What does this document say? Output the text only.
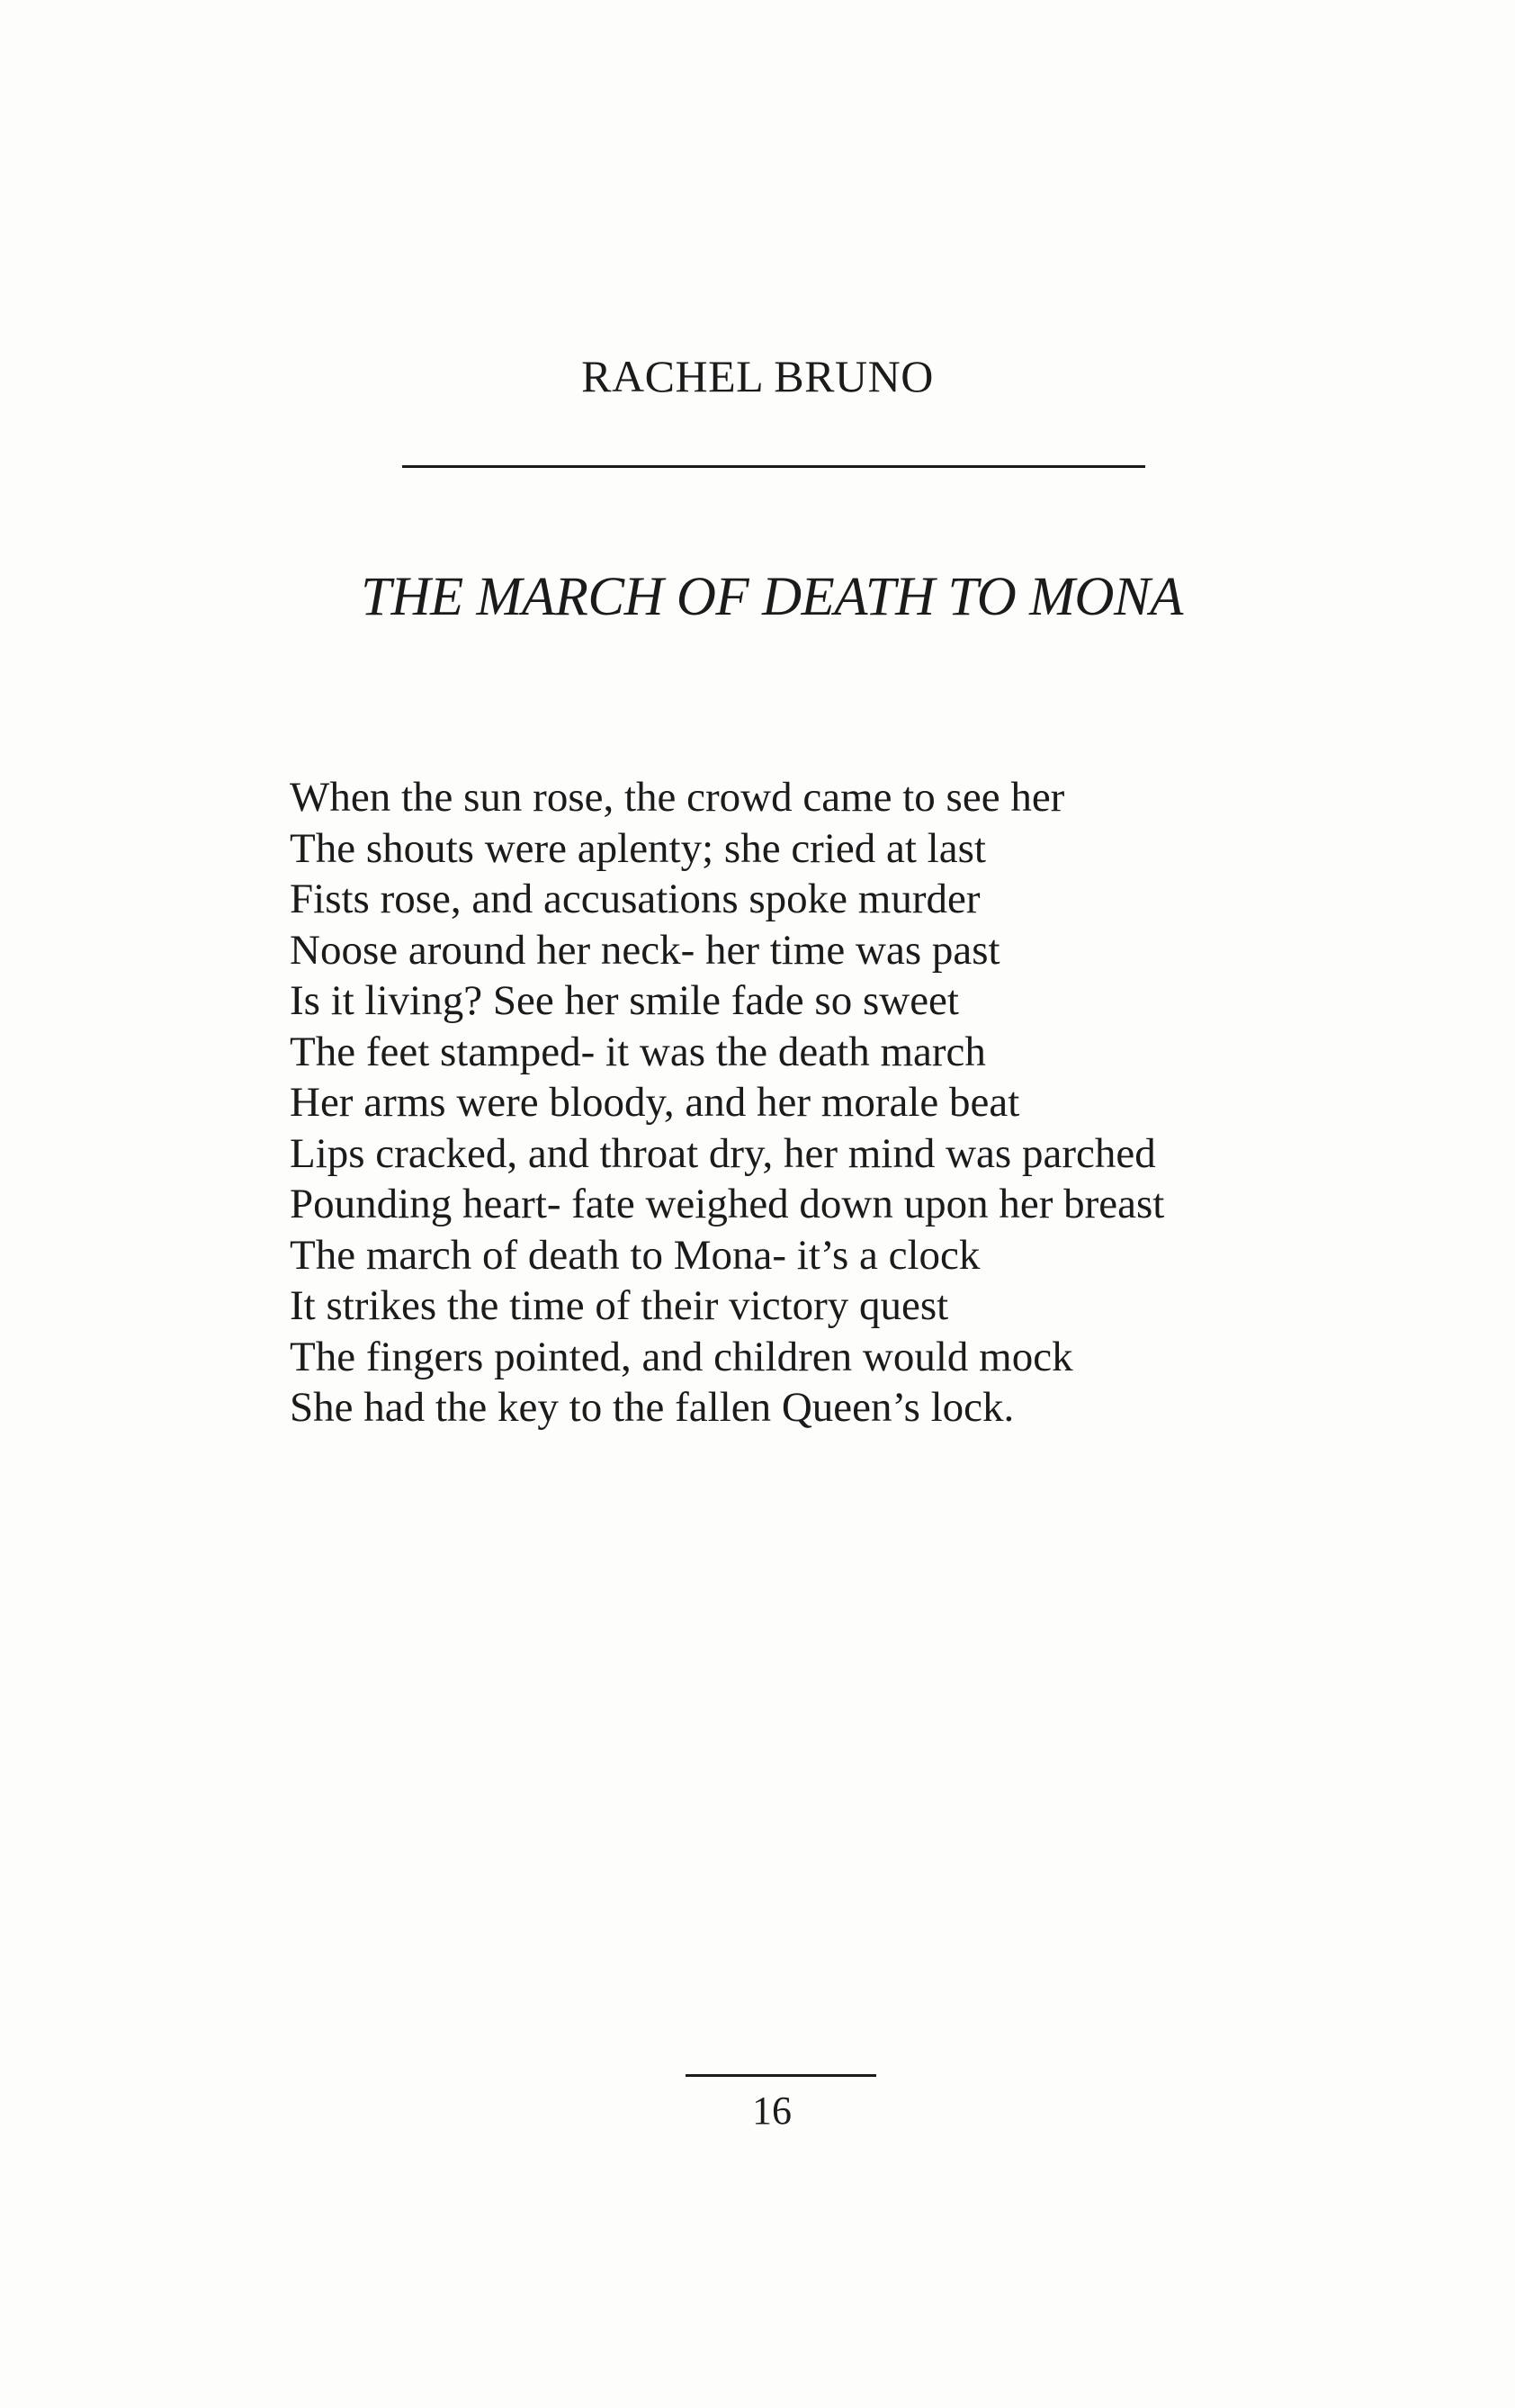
RACHEL BRUNO
THE MARCH OF DEATH TO MONA
When the sun rose, the crowd came to see her
The shouts were aplenty; she cried at last
Fists rose, and accusations spoke murder
Noose around her neck- her time was past
Is it living? See her smile fade so sweet
The feet stamped- it was the death march
Her arms were bloody, and her morale beat
Lips cracked, and throat dry, her mind was parched
Pounding heart- fate weighed down upon her breast
The march of death to Mona- it’s a clock
It strikes the time of their victory quest
The fingers pointed, and children would mock
She had the key to the fallen Queen’s lock.
16
